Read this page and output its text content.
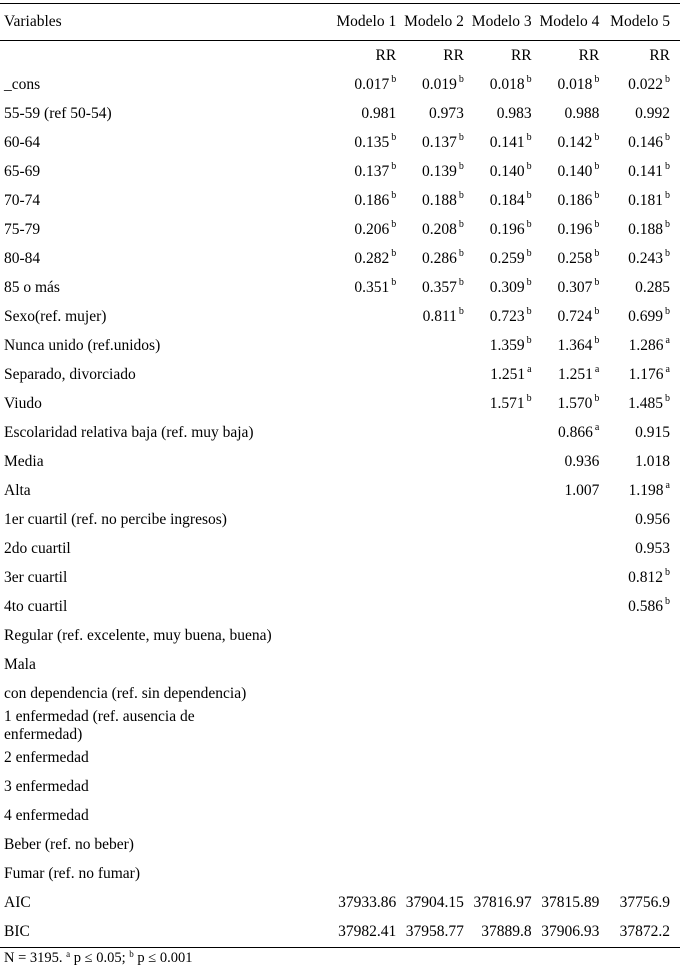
Variables	Modelo 1	Modelo 2	Modelo 3	Modelo 4	Modelo 5
	RR	RR	RR	RR	RR
_cons	0.017 $^b$	0.019 $^b$	0.018 $^b$	0.018 $^b$	0.022 $^b$
55-59 (ref 50-54)	0.981	0.973	0.983	0.988	0.992
60-64	0.135 $^b$	0.137 $^b$	0.141 $^b$	0.142 $^b$	0.146 $^b$
65-69	0.137 $^b$	0.139 $^b$	0.140 $^b$	0.140 $^b$	0.141 $^b$
70-74	0.186 $^b$	0.188 $^b$	0.184 $^b$	0.186 $^b$	0.181 $^b$
75-79	0.206 $^b$	0.208 $^b$	0.196 $^b$	0.196 $^b$	0.188 $^b$
80-84	0.282 $^b$	0.286 $^b$	0.259 $^b$	0.258 $^b$	0.243 $^b$
85 o más	0.351 $^b$	0.357 $^b$	0.309 $^b$	0.307 $^b$	0.285
Sexo(ref. mujer)		0.811 $^b$	0.723 $^b$	0.724 $^b$	0.699 $^b$
Nunca unido (ref.unidos)			1.359 $^b$	1.364 $^b$	1.286 $^a$
Separado, divorciado			1.251 $^a$	1.251 $^a$	1.176 $^a$
Viudo			1.571 $^b$	1.570 $^b$	1.485 $^b$
Escolaridad relativa baja (ref. muy baja)				0.866 $^a$	0.915
Media				0.936	1.018
Alta				1.007	1.198 $^a$
1er cuartil (ref. no percibe ingresos)					0.956
2do cuartil					0.953
3er cuartil					0.812 $^b$
4to cuartil					0.586 $^b$
Regular (ref. excelente, muy buena, buena)					
Mala					
con dependencia (ref. sin dependencia)					
1 enfermedad (ref. ausencia de enfermedad)					
2 enfermedad					
3 enfermedad					
4 enfermedad					
Beber (ref. no beber)					
Fumar (ref. no fumar)					
AIC	37933.86	37904.15	37816.97	37815.89	37756.9
BIC	37982.41	37958.77	37889.8	37906.93	37872.2
N = 3195. $^a$ p ≤ 0.05; $^b$ p ≤ 0.001
